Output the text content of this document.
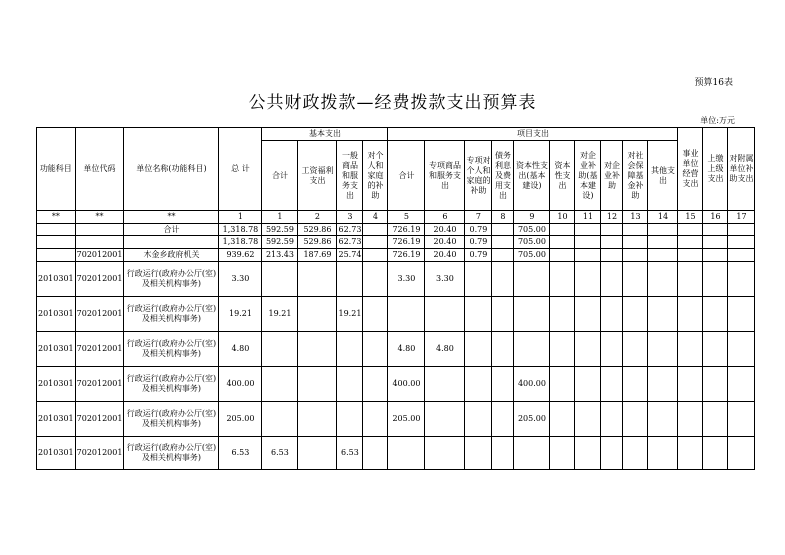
预算16表
公共财政拨款—经费拨款支出预算表
单位:万元
功能科目	单位代码	单位名称(功能科目)	总 计	基本支出				项目支出										事业单位经营支出	上缴上级支出	对附属单位补助支出
				合计	工资福利支出	一般商品和服务支出	对个人和家庭的补助	合计	专项商品和服务支出	专项对个人和家庭的补助	债务利息及费用支出	资本性支出(基本建设)	资本性支出	对企业补助(基本建设)	对企业补助	对社会保障基金补助	其他支出			
**	**	**	1	1	2	3	4	5	6	7	8	9	10	11	12	13	14	15	16	17
		合计	1,318.78	592.59	529.86	62.73		726.19	20.40	0.79		705.00								
			1,318.78	592.59	529.86	62.73		726.19	20.40	0.79		705.00								
	702012001	木金乡政府机关	939.62	213.43	187.69	25.74		726.19	20.40	0.79		705.00								
2010301	702012001	行政运行(政府办公厅(室)及相关机构事务)	3.30					3.30	3.30											
2010301	702012001	行政运行(政府办公厅(室)及相关机构事务)	19.21	19.21		19.21														
2010301	702012001	行政运行(政府办公厅(室)及相关机构事务)	4.80					4.80	4.80											
2010301	702012001	行政运行(政府办公厅(室)及相关机构事务)	400.00					400.00				400.00								
2010301	702012001	行政运行(政府办公厅(室)及相关机构事务)	205.00					205.00				205.00								
2010301	702012001	行政运行(政府办公厅(室)及相关机构事务)	6.53	6.53		6.53														
